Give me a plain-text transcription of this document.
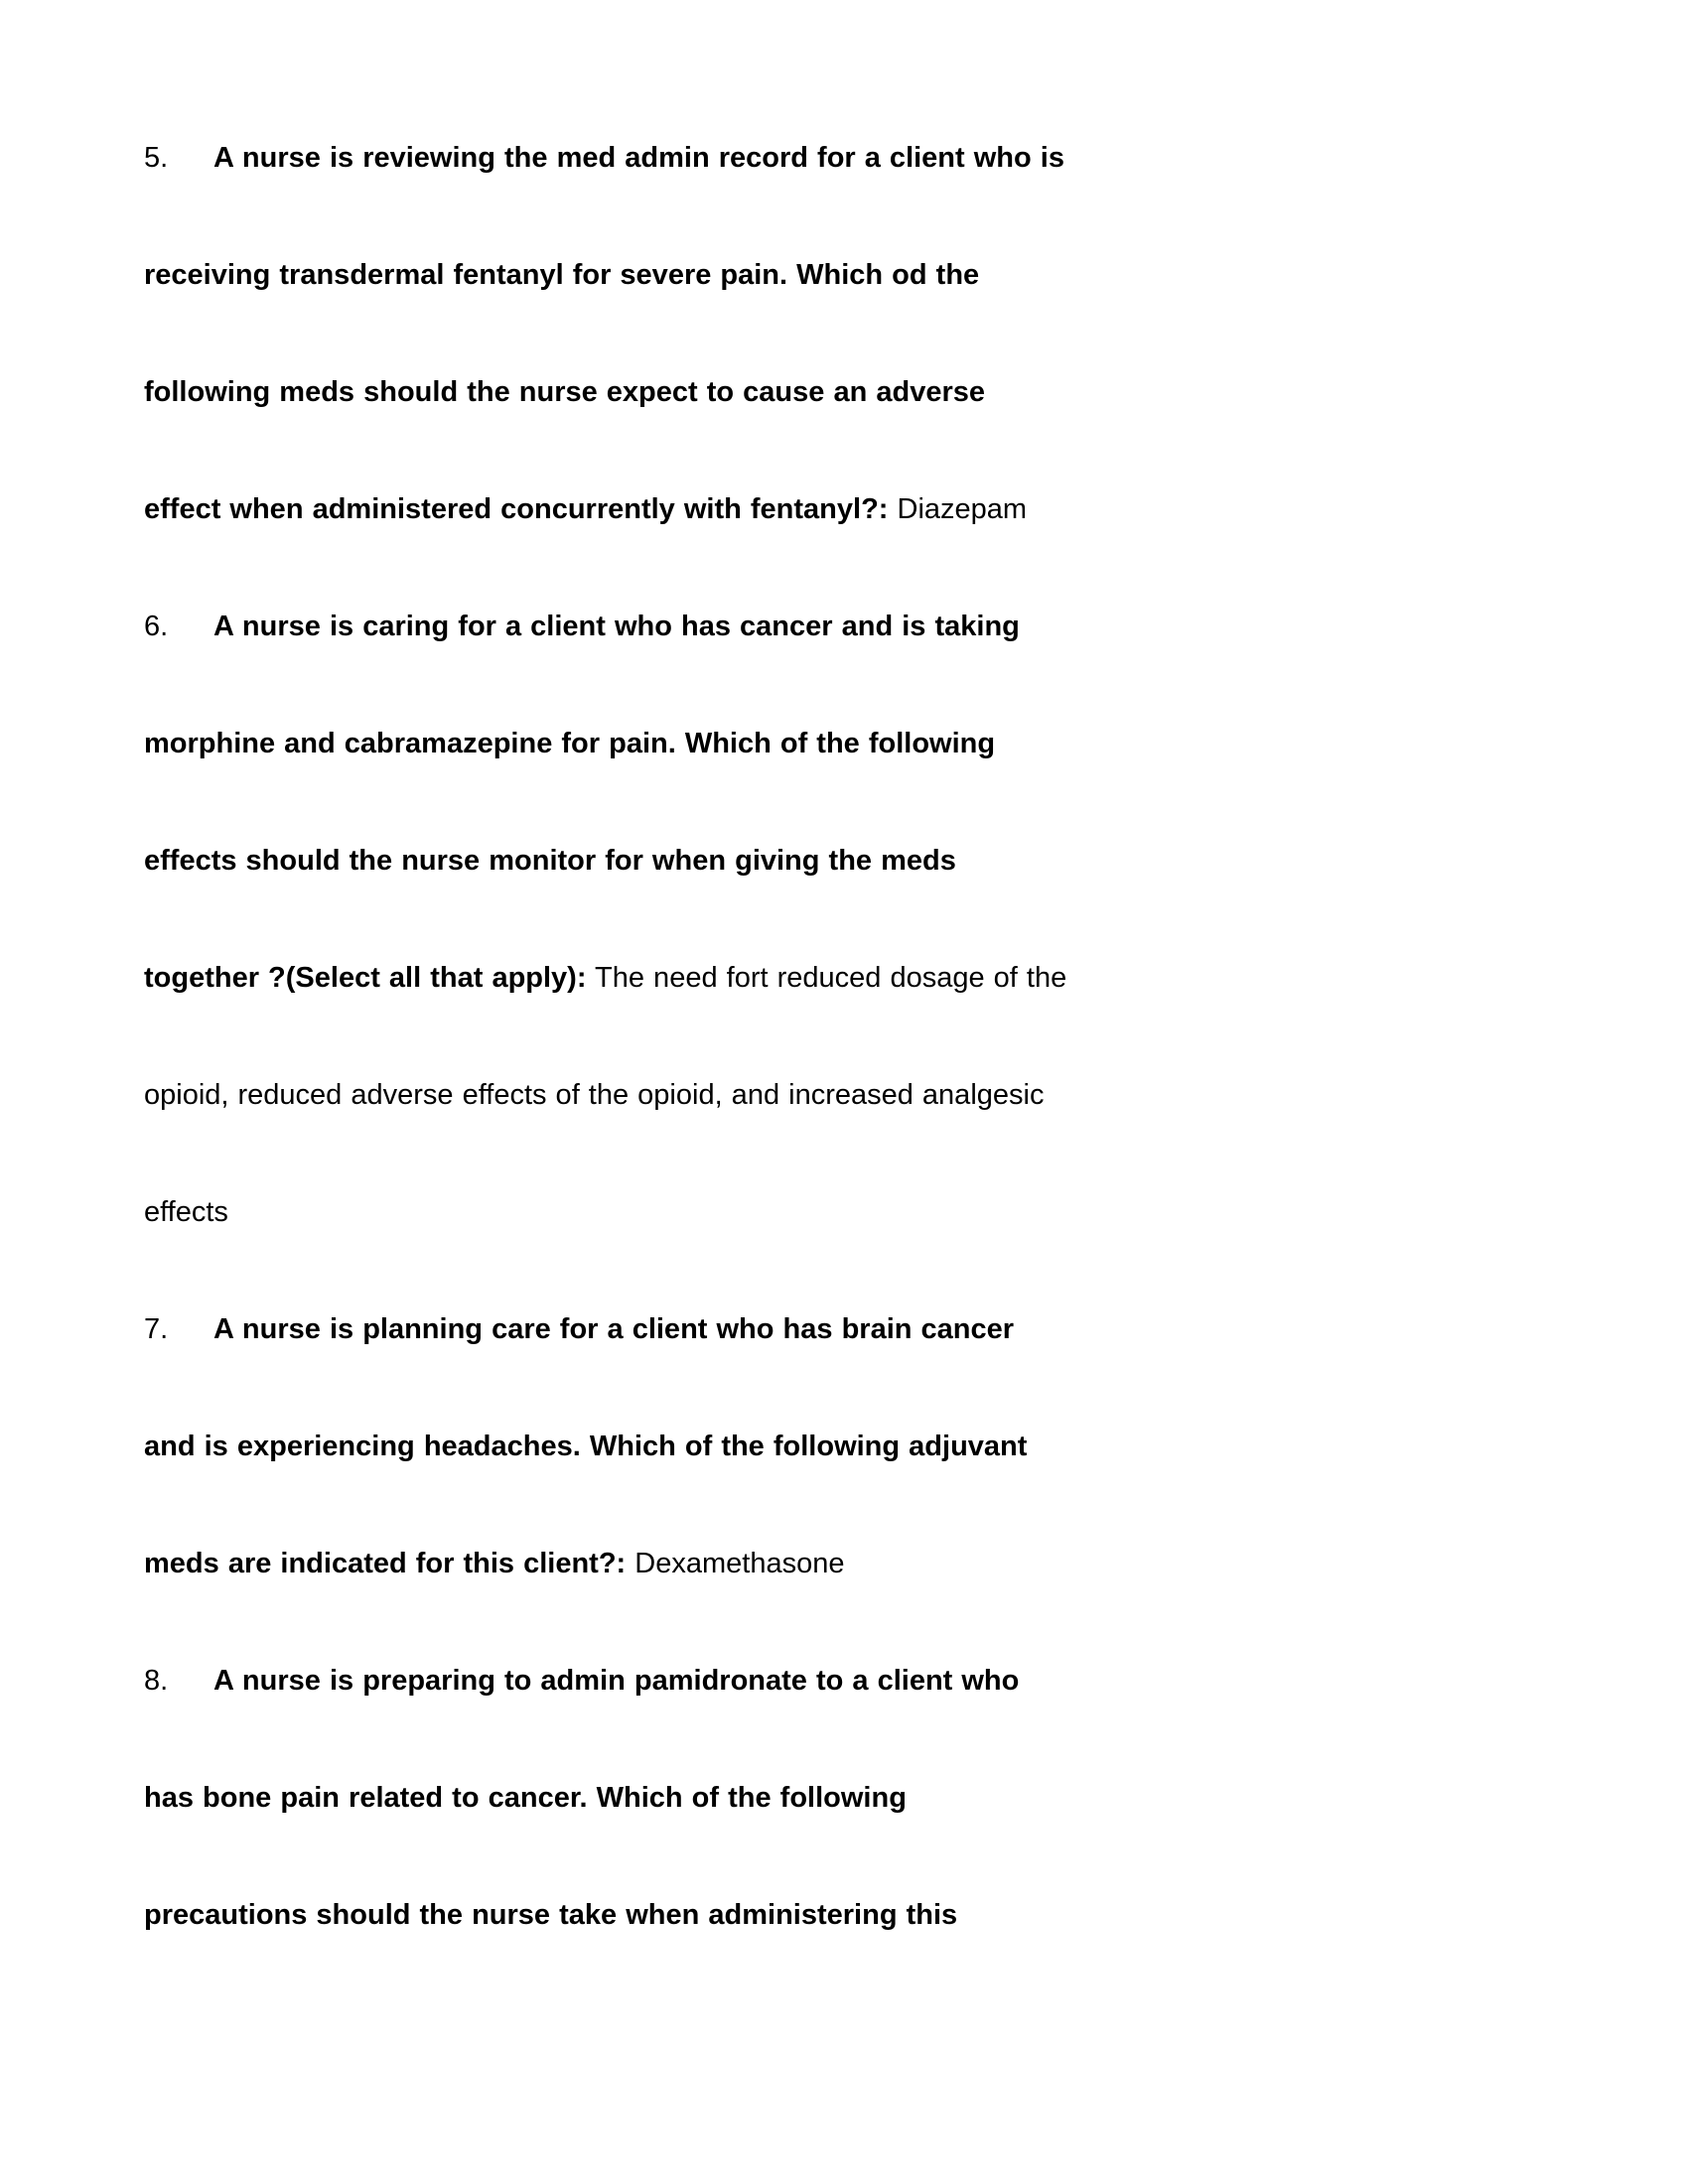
5. A nurse is reviewing the med admin record for a client who is receiving transdermal fentanyl for severe pain. Which od the following meds should the nurse expect to cause an adverse effect when administered concurrently with fentanyl?: Diazepam

6. A nurse is caring for a client who has cancer and is taking morphine and cabramazepine for pain. Which of the following effects should the nurse monitor for when giving the meds together ?(Select all that apply): The need fort reduced dosage of the opioid, reduced adverse effects of the opioid, and increased analgesic effects

7. A nurse is planning care for a client who has brain cancer and is experiencing headaches. Which of the following adjuvant meds are indicated for this client?: Dexamethasone

8. A nurse is preparing to admin pamidronate to a client who has bone pain related to cancer. Which of the following precautions should the nurse take when administering this
